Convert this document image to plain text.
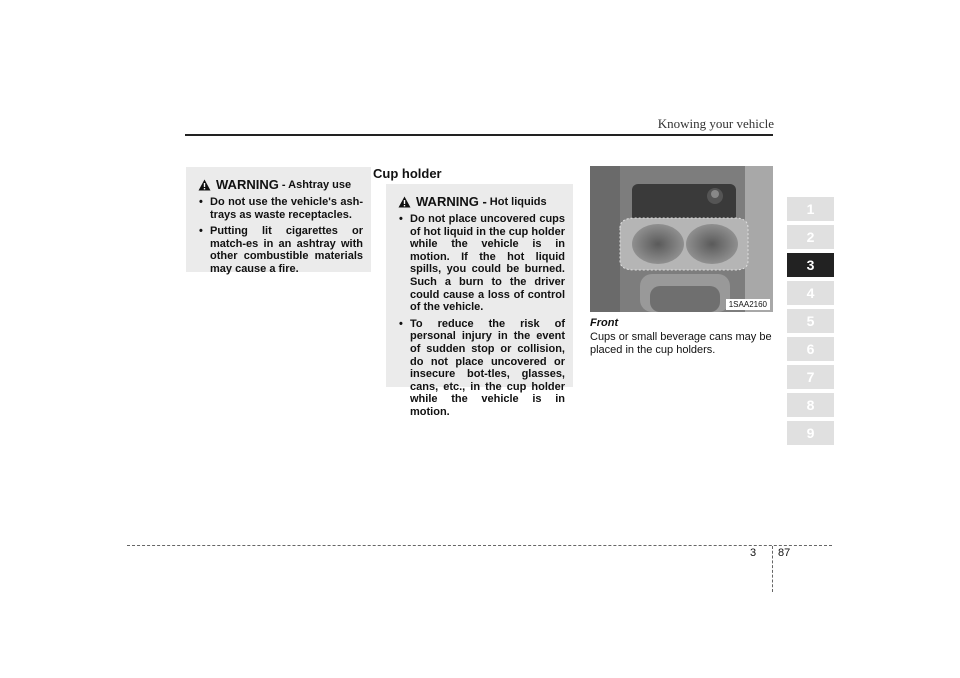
Knowing your vehicle
WARNING - Ashtray use
• Do not use the vehicle's ash-trays as waste receptacles.
• Putting lit cigarettes or match-es in an ashtray with other combustible materials may cause a fire.
Cup holder
WARNING - Hot liquids
• Do not place uncovered cups of hot liquid in the cup holder while the vehicle is in motion. If the hot liquid spills, you could be burned. Such a burn to the driver could cause a loss of control of the vehicle.
• To reduce the risk of personal injury in the event of sudden stop or collision, do not place uncovered or insecure bot-tles, glasses, cans, etc., in the cup holder while the vehicle is in motion.
1SAA2160
Front
Cups or small beverage cans may be placed in the cup holders.
1
2
3
4
5
6
7
8
9
3 87
